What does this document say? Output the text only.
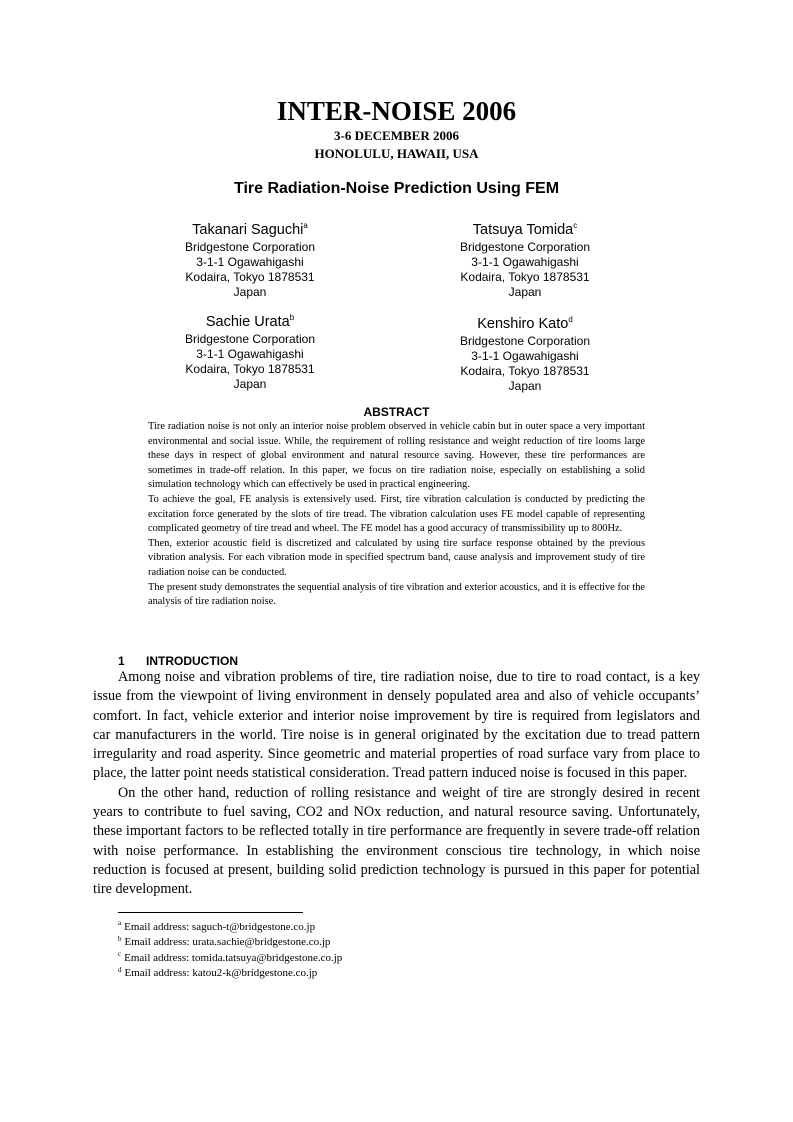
INTER-NOISE 2006
3-6 DECEMBER 2006
HONOLULU, HAWAII, USA
Tire Radiation-Noise Prediction Using FEM
Takanari Saguchi$^a$
Bridgestone Corporation
3-1-1 Ogawahigashi
Kodaira, Tokyo 1878531
Japan
Tatsuya Tomida$^c$
Bridgestone Corporation
3-1-1 Ogawahigashi
Kodaira, Tokyo 1878531
Japan
Sachie Urata$^b$
Bridgestone Corporation
3-1-1 Ogawahigashi
Kodaira, Tokyo 1878531
Japan
Kenshiro Kato$^d$
Bridgestone Corporation
3-1-1 Ogawahigashi
Kodaira, Tokyo 1878531
Japan
ABSTRACT

Tire radiation noise is not only an interior noise problem observed in vehicle cabin but in outer space a very important environmental and social issue. While, the requirement of rolling resistance and weight reduction of tire looms large these days in respect of global environment and natural resource saving. However, these tire performances are sometimes in trade-off relation. In this paper, we focus on tire radiation noise, especially on establishing a solid simulation technology which can effectively be used in practical engineering.

To achieve the goal, FE analysis is extensively used. First, tire vibration calculation is conducted by predicting the excitation force generated by the slots of tire tread. The vibration calculation uses FE model capable of representing complicated geometry of tire tread and wheel. The FE model has a good accuracy of transmissibility up to 800Hz.

Then, exterior acoustic field is discretized and calculated by using tire surface response obtained by the previous vibration analysis. For each vibration mode in specified spectrum band, cause analysis and improvement study of tire radiation noise can be conducted.

The present study demonstrates the sequential analysis of tire vibration and exterior acoustics, and it is effective for the analysis of tire radiation noise.

1 INTRODUCTION

Among noise and vibration problems of tire, tire radiation noise, due to tire to road contact, is a key issue from the viewpoint of living environment in densely populated area and also of vehicle occupants’ comfort. In fact, vehicle exterior and interior noise improvement by tire is required from legislators and car manufacturers in the world. Tire noise is in general originated by the excitation due to tread pattern irregularity and road asperity. Since geometric and material properties of road surface vary from place to place, the latter point needs statistical consideration. Tread pattern induced noise is focused in this paper.

On the other hand, reduction of rolling resistance and weight of tire are strongly desired in recent years to contribute to fuel saving, CO2 and NOx reduction, and natural resource saving. Unfortunately, these important factors to be reflected totally in tire performance are frequently in severe trade-off relation with noise performance. In establishing the environment conscious tire technology, in which noise reduction is focused at present, building solid prediction technology is pursued in this paper for potential tire development.

$^a$ Email address: saguch-t@bridgestone.co.jp
$^b$ Email address: urata.sachie@bridgestone.co.jp
$^c$ Email address: tomida.tatsuya@bridgestone.co.jp
$^d$ Email address: katou2-k@bridgestone.co.jp
